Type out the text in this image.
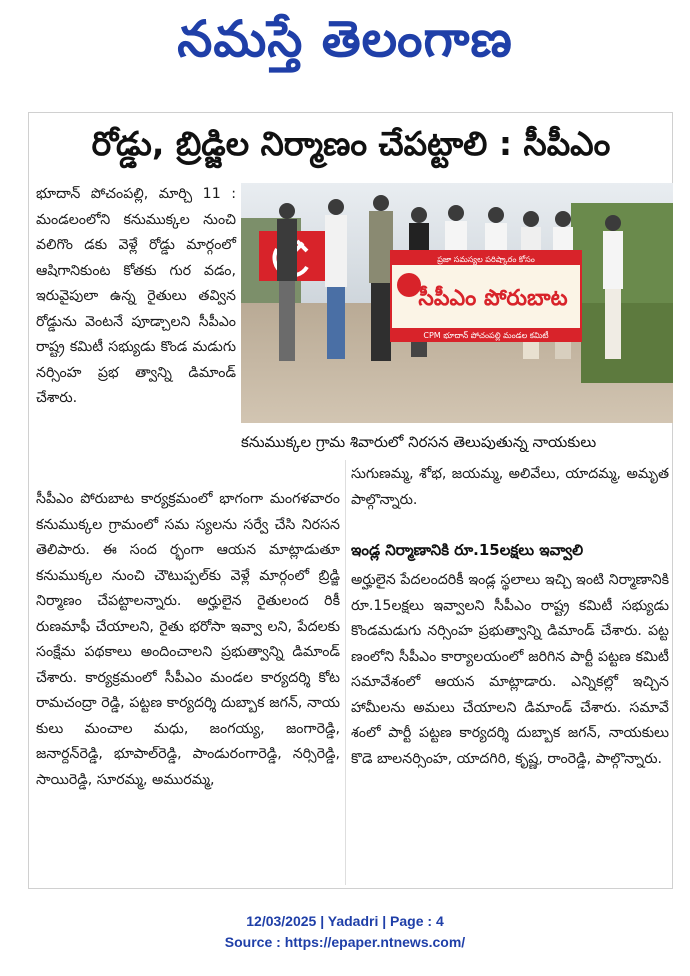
నమస్తే తెలంగాణ
రోడ్డు, బ్రిడ్జిల నిర్మాణం చేపట్టాలి : సీపీఎం

భూదాన్ పోచంపల్లి, మార్చి 11 : మండలంలోని కనుముక్కల నుంచి వలిగొం డకు వెళ్లే రోడ్డు మార్గంలో ఆషిగానికుంట కోతకు గుర వడం, ఇరువైపులా ఉన్న రైతులు తవ్విన రోడ్డును వెంటనే పూడ్చాలని సీపీఎం రాష్ట్ర కమిటీ సభ్యుడు కొండ మడుగు నర్సింహ ప్రభ త్వాన్ని డిమాండ్ చేశారు.

సీపీఎం పోరుబాట
ప్రజా సమస్యల పరిష్కారం కోసం
CPM భూదాన్ పోచంపల్లి మండల కమిటీ
కనుముక్కల గ్రామ శివారులో నిరసన తెలుపుతున్న నాయకులు

సీపీఎం పోరుబాట కార్యక్రమంలో భాగంగా మంగళవారం కనుముక్కల గ్రామంలో సమ స్యలను సర్వే చేసి నిరసన తెలిపారు. ఈ సంద ర్భంగా ఆయన మాట్లాడుతూ కనుముక్కల నుంచి చౌటుప్పల్‌కు వెళ్లే మార్గంలో బ్రిడ్జి నిర్మాణం చేపట్టాలన్నారు. అర్హులైన రైతులంద రికీ రుణమాఫీ చేయాలని, రైతు భరోసా ఇవ్వా లని, పేదలకు సంక్షేమ పథకాలు అందించాలని ప్రభుత్వాన్ని డిమాండ్ చేశారు. కార్యక్రమంలో సీపీఎం మండల కార్యదర్శి కోట రామచంద్రా రెడ్డి, పట్టణ కార్యదర్శి దుబ్బాక జగన్, నాయ కులు మంచాల మధు, జంగయ్య, జంగారెడ్డి, జనార్దన్‌రెడ్డి, భూపాల్‌రెడ్డి, పాండురంగారెడ్డి, నర్సిరెడ్డి, సాయిరెడ్డి, సూరమ్మ, అమురమ్మ,

సుగుణమ్మ, శోభ, జయమ్మ, అలివేలు, యాదమ్మ, అమృత పాల్గొన్నారు.

ఇండ్ల నిర్మాణానికి రూ.15లక్షలు ఇవ్వాలి

అర్హులైన పేదలందరికీ ఇండ్ల స్థలాలు ఇచ్చి ఇంటి నిర్మాణానికి రూ.15లక్షలు ఇవ్వాలని సీపీఎం రాష్ట్ర కమిటీ సభ్యుడు కొండమడుగు నర్సింహ ప్రభుత్వాన్ని డిమాండ్ చేశారు. పట్ట ణంలోని సీపీఎం కార్యాలయంలో జరిగిన పార్టీ పట్టణ కమిటీ సమావేశంలో ఆయన మాట్లాడారు. ఎన్నికల్లో ఇచ్చిన హామీలను అమలు చేయాలని డిమాండ్ చేశారు. సమావే శంలో పార్టీ పట్టణ కార్యదర్శి దుబ్బాక జగన్, నాయకులు కొడె బాలనర్సింహ, యాదగిరి, కృష్ణ, రాంరెడ్డి, పాల్గొన్నారు.

12/03/2025 | Yadadri | Page : 4
Source : https://epaper.ntnews.com/
